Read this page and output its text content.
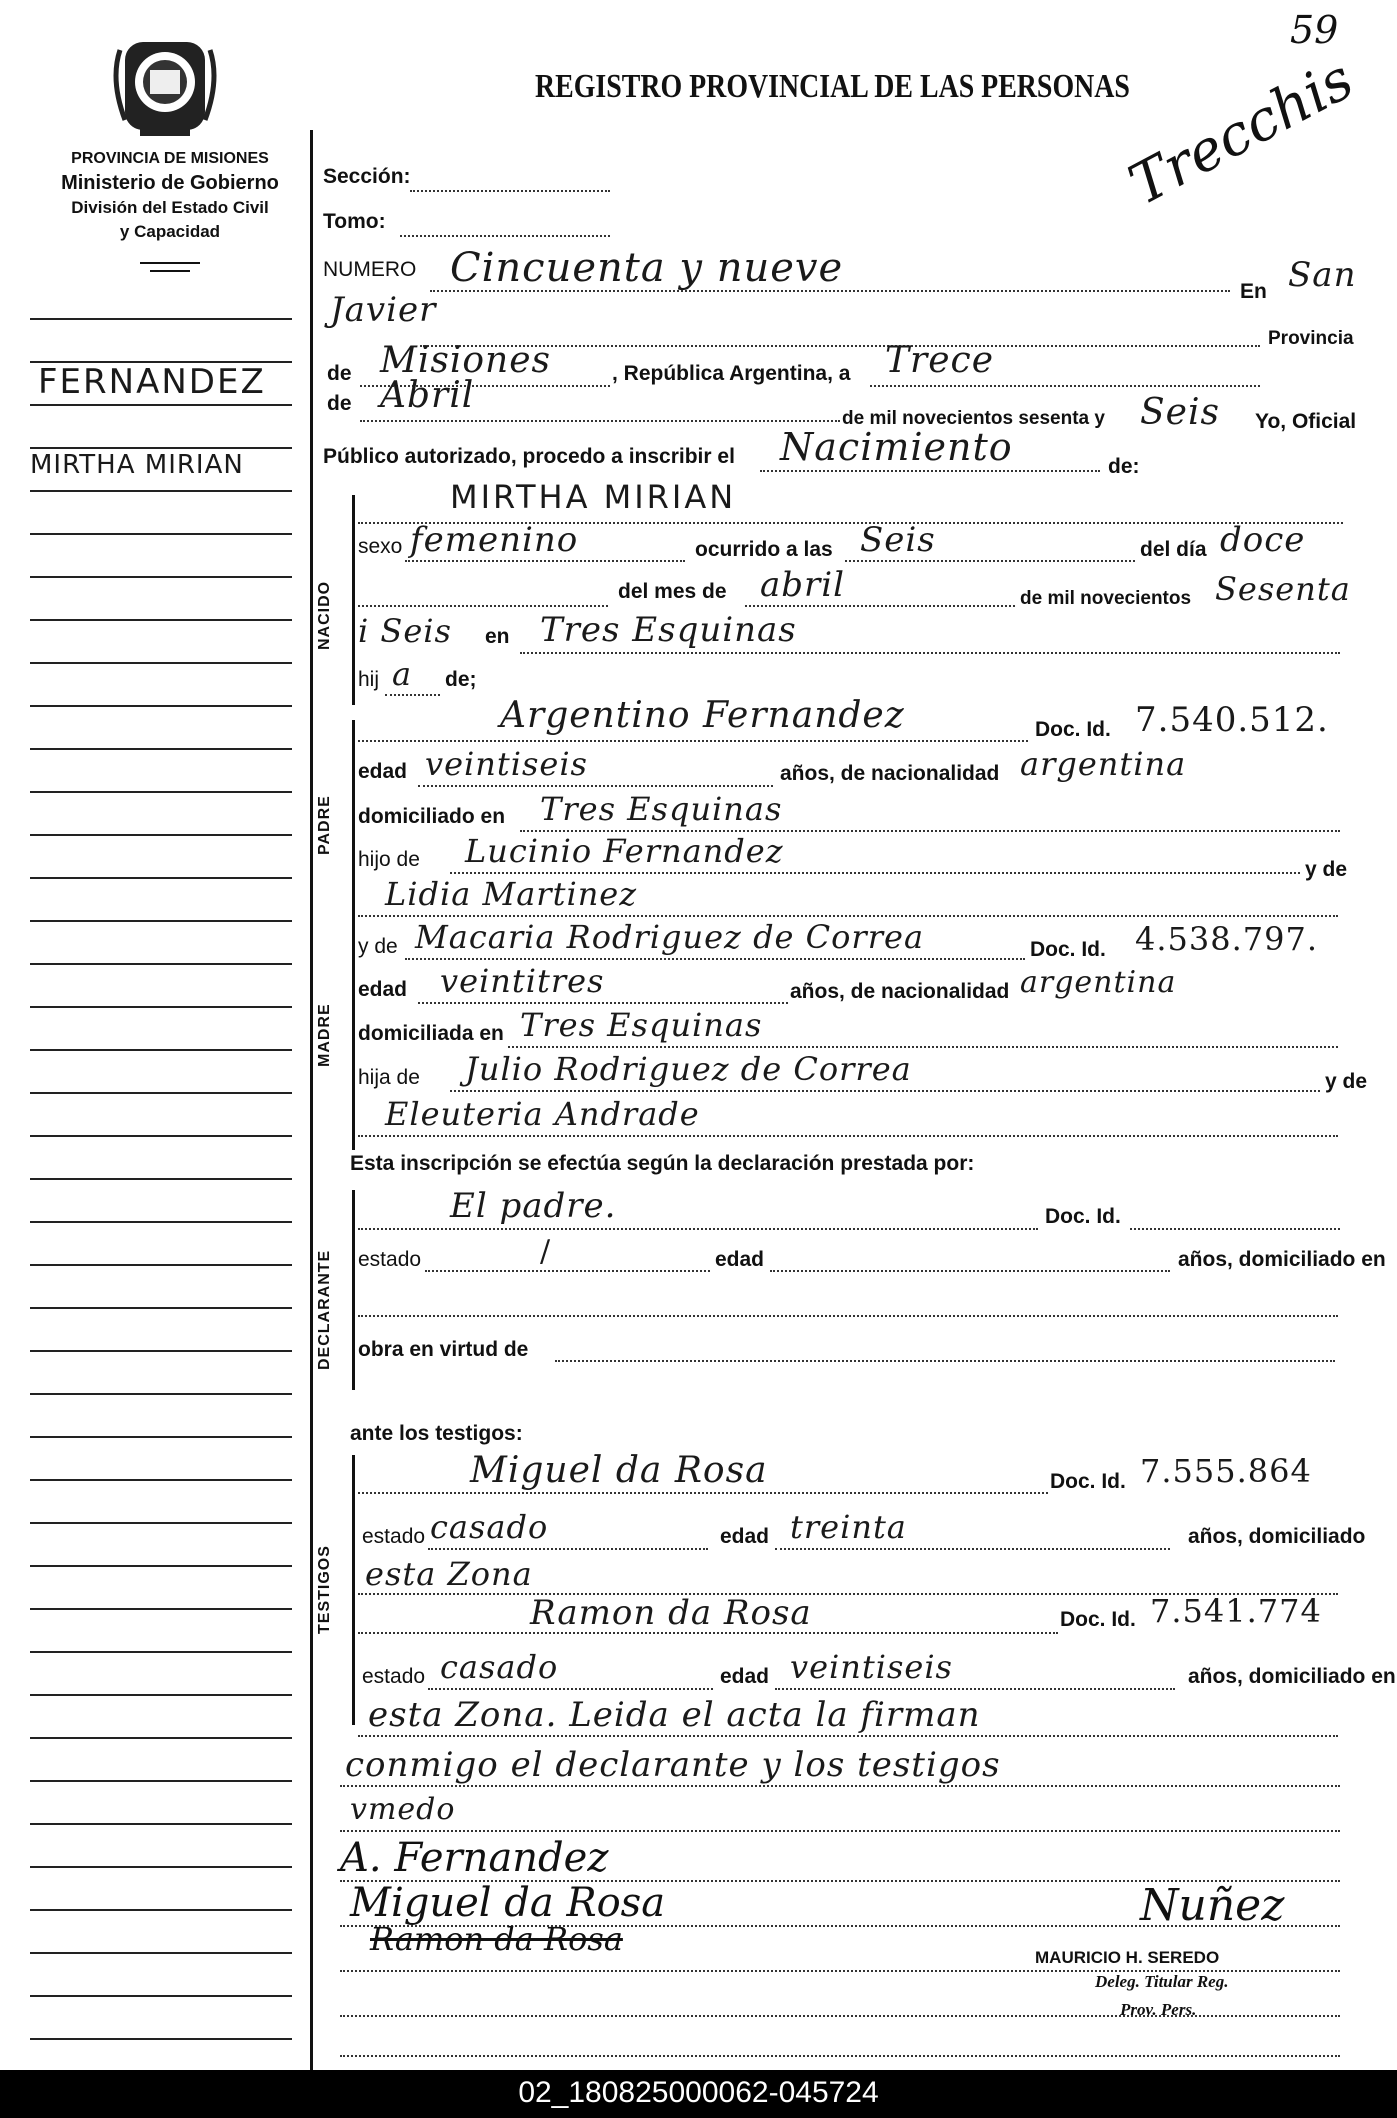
59
PROVINCIA DE MISIONES
Ministerio de Gobierno
División del Estado Civil
y Capacidad
REGISTRO PROVINCIAL DE LAS PERSONAS
Trecchis
FERNANDEZ
MIRTHA MIRIAN
Sección:
Tomo:
NUMERO Cincuenta y nueve
En San
Javier
Provincia
de Misiones	, República Argentina, a Trece
de Abril
de mil novecientos sesenta y Seis Yo, Oficial
Público autorizado, procedo a inscribir el Nacimiento	de:
NACIDO
MIRTHA MIRIAN
sexo femenino	ocurrido a las Seis	del día doce
del mes de abril	de mil novecientos Sesenta
i Seis en Tres Esquinas
hij a de;
PADRE
Argentino Fernandez	Doc. Id. 7.540.512.
edad veintiseis	años, de nacionalidad argentina
domiciliado en Tres Esquinas
hijo de Lucinio Fernandez	y de
Lidia Martinez
MADRE
y de Macaria Rodriguez de Correa	Doc. Id. 4.538.797.
edad veintitres	años, de nacionalidad argentina
domiciliada en Tres Esquinas
hija de Julio Rodriguez de Correa	y de
Eleuteria Andrade
Esta inscripción se efectúa según la declaración prestada por:
DECLARANTE
El padre.	Doc. Id.
estado	/	edad	años, domiciliado en
obra en virtud de
ante los testigos:
TESTIGOS
Miguel da Rosa	Doc. Id. 7.555.864
estado casado	edad treinta	años, domiciliado
esta Zona
Ramon da Rosa	Doc. Id. 7.541.774
estado casado	edad veintiseis	años, domiciliado en
esta Zona. Leida el acta la firman
conmigo el declarante y los testigos
vmedo
A. Fernandez
Miguel da Rosa
Ramon da Rosa
Nuñez
MAURICIO H. SEREDO
Deleg. Titular Reg.
Prov. Pers.
02_180825000062-045724
